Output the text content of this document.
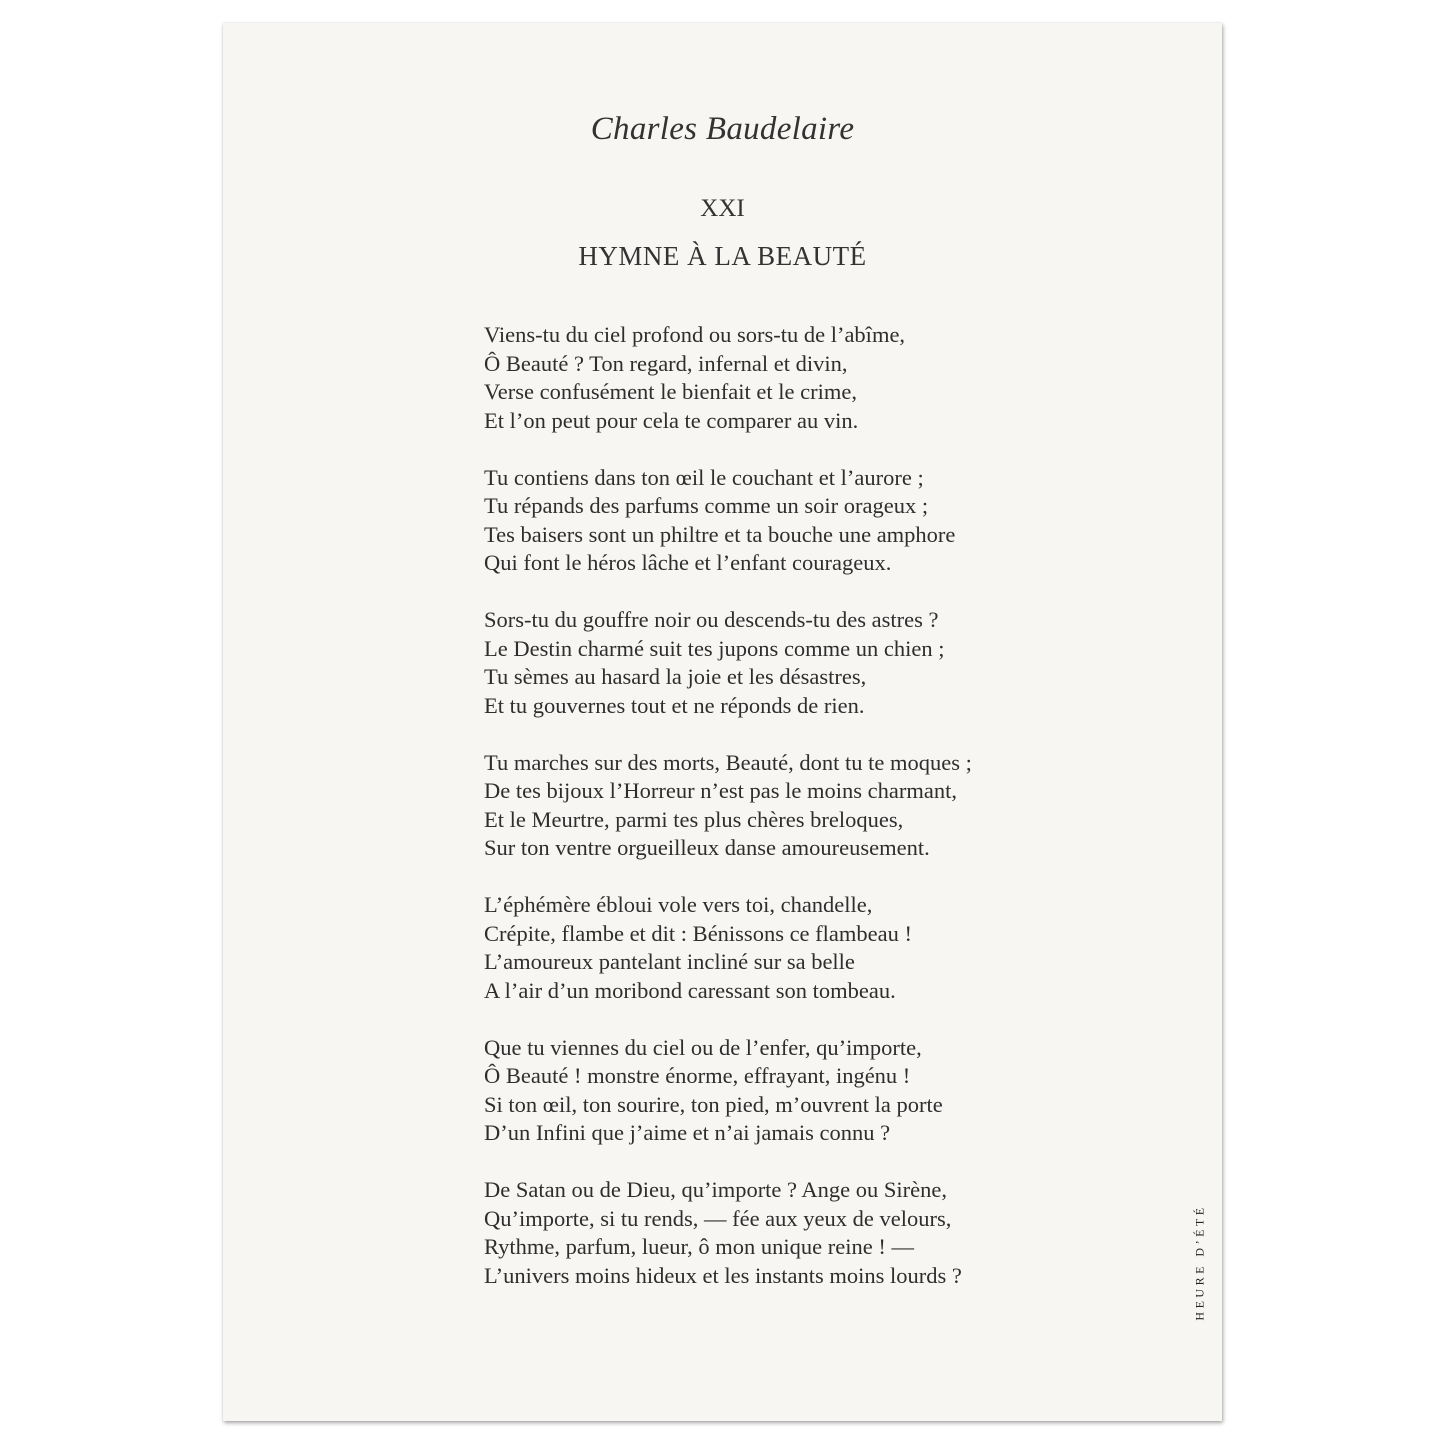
Charles Baudelaire
XXI
HYMNE À LA BEAUTÉ
Viens-tu du ciel profond ou sors-tu de l’abîme,
Ô Beauté ? Ton regard, infernal et divin,
Verse confusément le bienfait et le crime,
Et l’on peut pour cela te comparer au vin.
Tu contiens dans ton œil le couchant et l’aurore ;
Tu répands des parfums comme un soir orageux ;
Tes baisers sont un philtre et ta bouche une amphore
Qui font le héros lâche et l’enfant courageux.
Sors-tu du gouffre noir ou descends-tu des astres ?
Le Destin charmé suit tes jupons comme un chien ;
Tu sèmes au hasard la joie et les désastres,
Et tu gouvernes tout et ne réponds de rien.
Tu marches sur des morts, Beauté, dont tu te moques ;
De tes bijoux l’Horreur n’est pas le moins charmant,
Et le Meurtre, parmi tes plus chères breloques,
Sur ton ventre orgueilleux danse amoureusement.
L’éphémère ébloui vole vers toi, chandelle,
Crépite, flambe et dit : Bénissons ce flambeau !
L’amoureux pantelant incliné sur sa belle
A l’air d’un moribond caressant son tombeau.
Que tu viennes du ciel ou de l’enfer, qu’importe,
Ô Beauté ! monstre énorme, effrayant, ingénu !
Si ton œil, ton sourire, ton pied, m’ouvrent la porte
D’un Infini que j’aime et n’ai jamais connu ?
De Satan ou de Dieu, qu’importe ? Ange ou Sirène,
Qu’importe, si tu rends, — fée aux yeux de velours,
Rythme, parfum, lueur, ô mon unique reine ! —
L’univers moins hideux et les instants moins lourds ?	HEURE D’ÉTÉ
